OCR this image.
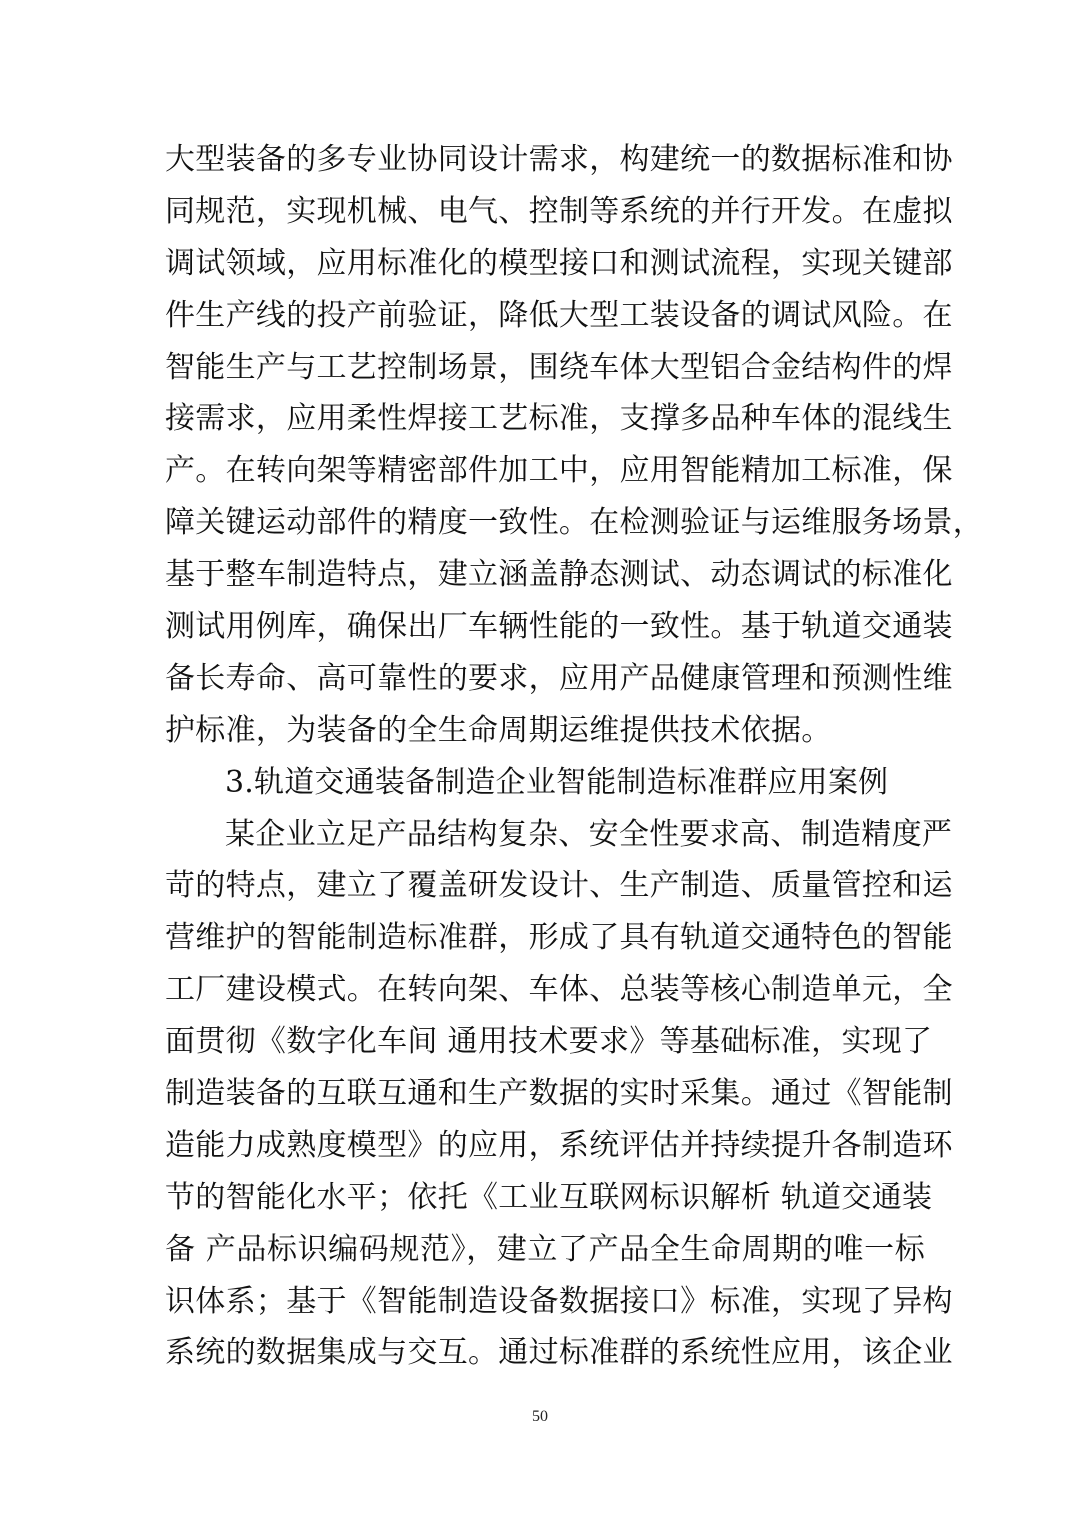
大型装备的多专业协同设计需求，构建统一的数据标准和协
同规范，实现机械、电气、控制等系统的并行开发。在虚拟
调试领域，应用标准化的模型接口和测试流程，实现关键部
件生产线的投产前验证，降低大型工装设备的调试风险。在
智能生产与工艺控制场景，围绕车体大型铝合金结构件的焊
接需求，应用柔性焊接工艺标准，支撑多品种车体的混线生
产。在转向架等精密部件加工中，应用智能精加工标准，保
障关键运动部件的精度一致性。在检测验证与运维服务场景，
基于整车制造特点，建立涵盖静态测试、动态调试的标准化
测试用例库，确保出厂车辆性能的一致性。基于轨道交通装
备长寿命、高可靠性的要求，应用产品健康管理和预测性维
护标准，为装备的全生命周期运维提供技术依据。
3.轨道交通装备制造企业智能制造标准群应用案例
某企业立足产品结构复杂、安全性要求高、制造精度严
苛的特点，建立了覆盖研发设计、生产制造、质量管控和运
营维护的智能制造标准群，形成了具有轨道交通特色的智能
工厂建设模式。在转向架、车体、总装等核心制造单元，全
面贯彻《数字化车间 通用技术要求》等基础标准，实现了
制造装备的互联互通和生产数据的实时采集。通过《智能制
造能力成熟度模型》的应用，系统评估并持续提升各制造环
节的智能化水平；依托《工业互联网标识解析 轨道交通装
备 产品标识编码规范》，建立了产品全生命周期的唯一标
识体系；基于《智能制造设备数据接口》标准，实现了异构
系统的数据集成与交互。通过标准群的系统性应用，该企业
50
